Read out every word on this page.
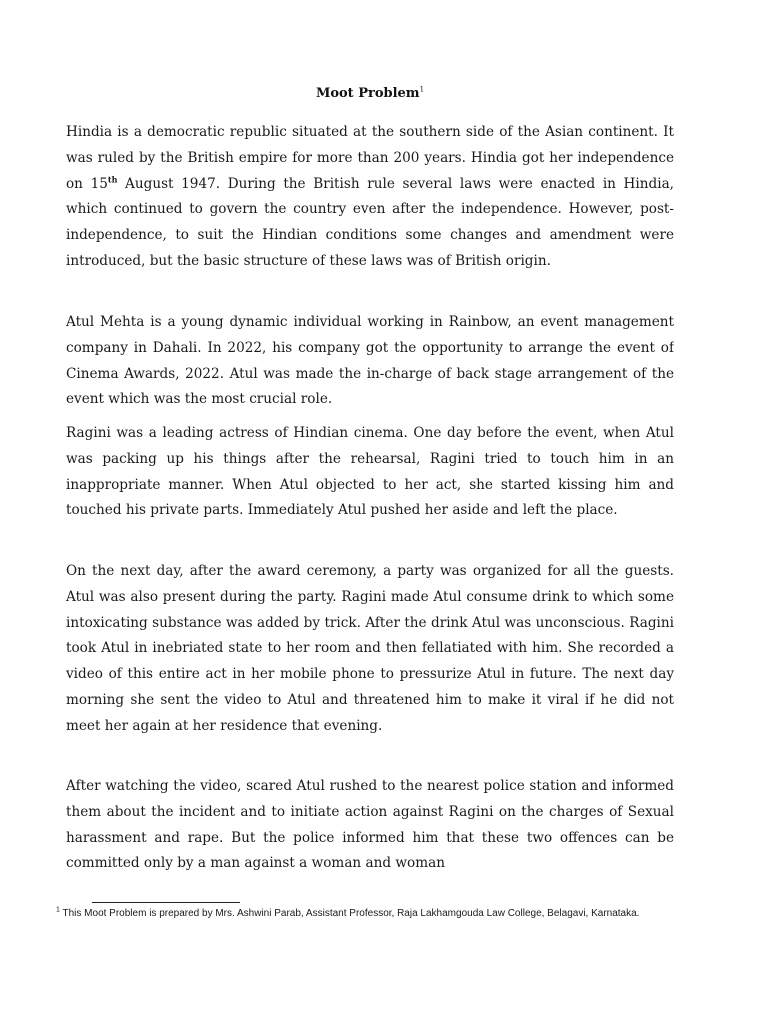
Moot Problem$^1$

Hindia is a democratic republic situated at the southern side of the Asian continent. It was ruled by the British empire for more than 200 years. Hindia got her independence on 15th August 1947. During the British rule several laws were enacted in Hindia, which continued to govern the country even after the independence. However, post-independence, to suit the Hindian conditions some changes and amendment were introduced, but the basic structure of these laws was of British origin.

Atul Mehta is a young dynamic individual working in Rainbow, an event management company in Dahali. In 2022, his company got the opportunity to arrange the event of Cinema Awards, 2022. Atul was made the in-charge of back stage arrangement of the event which was the most crucial role.

Ragini was a leading actress of Hindian cinema. One day before the event, when Atul was packing up his things after the rehearsal, Ragini tried to touch him in an inappropriate manner. When Atul objected to her act, she started kissing him and touched his private parts. Immediately Atul pushed her aside and left the place.

On the next day, after the award ceremony, a party was organized for all the guests. Atul was also present during the party. Ragini made Atul consume drink to which some intoxicating substance was added by trick. After the drink Atul was unconscious. Ragini took Atul in inebriated state to her room and then fellatiated with him. She recorded a video of this entire act in her mobile phone to pressurize Atul in future. The next day morning she sent the video to Atul and threatened him to make it viral if he did not meet her again at her residence that evening.

After watching the video, scared Atul rushed to the nearest police station and informed them about the incident and to initiate action against Ragini on the charges of Sexual harassment and rape. But the police informed him that these two offences can be committed only by a man against a woman and woman

$^1$ This Moot Problem is prepared by Mrs. Ashwini Parab, Assistant Professor, Raja Lakhamgouda Law College, Belagavi, Karnataka.
